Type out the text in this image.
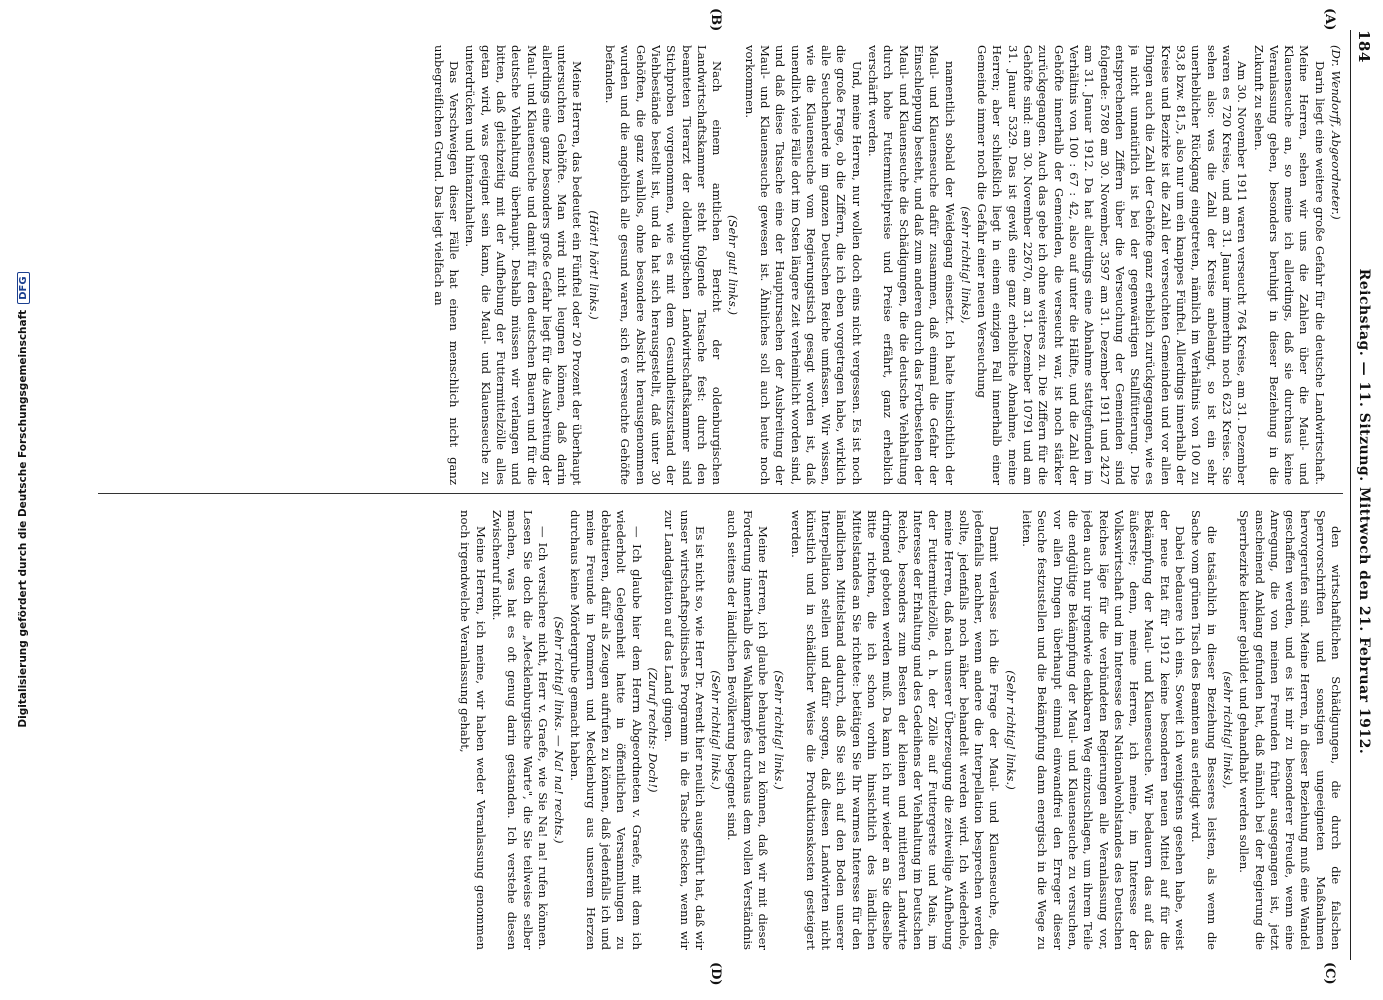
184
Reichstag. — 11. Sitzung. Mittwoch den 21. Februar 1912.
(A)
(B)
(C)
(D)

(Dr. Wendorff, Abgeordneter.)

Darin liegt eine weitere große Gefahr für die deutsche Landwirtschaft. Meine Herren, sehen wir uns die Zahlen über die Maul- und Klauenseuche an, so meine ich allerdings, daß sie durchaus keine Veranlassung geben, besonders beruhigt in dieser Beziehung in die Zukunft zu sehen.

Am 30. November 1911 waren verseucht 764 Kreise, am 31. Dezember waren es 720 Kreise, und am 31. Januar immerhin noch 623 Kreise. Sie sehen also: was die Zahl der Kreise anbelangt, so ist ein sehr unerheblicher Rückgang eingetreten, nämlich im Verhältnis von 100 zu 93,8 bzw. 81,5, also nur um ein knappes Fünftel. Allerdings innerhalb der Kreise und Bezirke ist die Zahl der verseuchten Gemeinden und vor allen Dingen auch die Zahl der Gehöfte ganz erheblich zurückgegangen, wie es ja nicht unnatürlich ist bei der gegenwärtigen Stallfütterung. Die entsprechenden Ziffern über die Verseuchung der Gemeinden sind folgende: 5780 am 30. November, 3597 am 31. Dezember 1911 und 2427 am 31. Januar 1912. Da hat allerdings eine Abnahme stattgefunden im Verhältnis von 100 : 67 : 42, also auf unter die Hälfte, und die Zahl der Gehöfte innerhalb der Gemeinden, die verseucht war, ist noch stärker zurückgegangen. Auch das gebe ich ohne weiteres zu. Die Ziffern für die Gehöfte sind: am 30. November 22670, am 31. Dezember 10791 und am 31. Januar 5329. Das ist gewiß eine ganz erhebliche Abnahme, meine Herren; aber schließlich liegt in einem einzigen Fall innerhalb einer Gemeinde immer noch die Gefahr einer neuen Verseuchung

(sehr richtig! links),

namentlich sobald der Weidegang einsetzt. Ich halte hinsichtlich der Maul- und Klauenseuche dafür zusammen, daß einmal die Gefahr der Einschleppung besteht, und daß zum anderen durch das Fortbestehen der Maul- und Klauenseuche die Schädigungen, die die deutsche Viehhaltung durch hohe Futtermittelpreise und Preise erfährt, ganz erheblich verschärft werden.

Und, meine Herren, nur wollen doch eins nicht vergessen. Es ist noch die große Frage, ob die Ziffern, die ich eben vorgetragen habe, wirklich alle Seuchenherde im ganzen Deutschen Reiche umfassen. Wir wissen, wie die Klauenseuche vom Regierungstisch gesagt worden ist, daß unendlich viele Fälle dort im Osten längere Zeit verheimlicht worden sind, und daß diese Tatsache eine der Hauptursachen der Ausbreitung der Maul- und Klauenseuche gewesen ist. Ähnliches soll auch heute noch vorkommen.

(Sehr gut! links.)

Nach einem amtlichen Bericht der oldenburgischen Landwirtschaftskammer steht folgende Tatsache fest: durch den beamteten Tierarzt der oldenburgischen Landwirtschaftskammer sind Stichproben vorgenommen, wie es mit dem Gesundheitszustand der Viehbestände bestellt ist, und da hat sich herausgestellt, daß unter 30 Gehöften, die ganz wahllos, ohne besondere Absicht herausgenommen wurden und die angeblich alle gesund waren, sich 6 verseuchte Gehöfte befanden.

(Hört! hört! links.)

Meine Herren, das bedeutet ein Fünftel oder 20 Prozent der überhaupt untersuchten Gehöfte. Man wird nicht leugnen können, daß darin allerdings eine ganz besonders große Gefahr liegt für die Ausbreitung der Maul- und Klauenseuche und damit für den deutschen Bauern und für die deutsche Viehhaltung überhaupt. Deshalb müssen wir verlangen und bitten, daß gleichzeitig mit der Aufhebung der Futtermittelzölle alles getan wird, was geeignet sein kann, die Maul- und Klauenseuche zu unterdrücken und hintanzuhalten.

Das Verschweigen dieser Fälle hat einen menschlich nicht ganz unbegreiflichen Grund. Das liegt vielfach an

den wirtschaftlichen Schädigungen, die durch die falschen Sperrvorschriften und sonstigen ungeeigneten Maßnahmen hervorgerufen sind. Meine Herren, in dieser Beziehung muß eine Wandel geschaffen werden, und es ist mir zu besonderer Freude, wenn eine Anregung, die von meinen Freunden früher ausgegangen ist, jetzt anscheinend Anklang gefunden hat, daß nämlich bei der Regierung die Sperrbezirke kleiner gebildet und gehandhabt werden sollen.

(sehr richtig! links),

die tatsächlich in dieser Beziehung Besseres leisten, als wenn die Sache vom grünen Tisch des Beamten aus erledigt wird.

Dabei bedauere ich eins. Soweit ich wenigstens gesehen habe, weist der neue Etat für 1912 keine besonderen neuen Mittel auf für die Bekämpfung der Maul- und Klauenseuche. Wir bedauern das auf das äußerste; denn, meine Herren, ich meine, im Interesse der Volkswirtschaft und im Interesse des Nationalwohlstandes des Deutschen Reiches läge für die verbündeten Regierungen alle Veranlassung vor, jeden auch nur irgendwie denkbaren Weg einzuschlagen, um ihrem Teile die endgültige Bekämpfung der Maul- und Klauenseuche zu versuchen, vor allen Dingen überhaupt einmal einwandfrei den Erreger dieser Seuche festzustellen und die Bekämpfung dann energisch in die Wege zu leiten.

(Sehr richtig! links.)

Damit verlasse ich die Frage der Maul- und Klauenseuche, die, jedenfalls nachher, wenn andere die Interpellation besprechen werden sollte, jedenfalls noch näher behandelt werden wird. Ich wiederhole, meine Herren, daß nach unserer Überzeugung die zeitweilige Aufhebung der Futtermittelzölle, d. h. der Zölle auf Futtergerste und Mais, im Interesse der Erhaltung und des Gedeihens der Viehhaltung im Deutschen Reiche, besonders zum Besten der kleinen und mittleren Landwirte dringend geboten werden muß. Da kann ich nur wieder an Sie dieselbe Bitte richten, die ich schon vorhin hinsichtlich des ländlichen Mittelstandes an Sie richtete: betätigen Sie Ihr warmes Interesse für den ländlichen Mittelstand dadurch, daß Sie sich auf den Boden unserer Interpellation stellen und dafür sorgen, daß diesen Landwirten nicht künstlich und in schädlicher Weise die Produktionskosten gesteigert werden.

(Sehr richtig! links.)

Meine Herren, ich glaube behaupten zu können, daß wir mit dieser Forderung innerhalb des Wahlkampfes durchaus dem vollen Verständnis auch seitens der ländlichen Bevölkerung begegnet sind.

(Sehr richtig! links.)

Es ist nicht so, wie Herr Dr. Arendt hier neulich ausgeführt hat, daß wir unser wirtschaftspolitisches Programm in die Tasche stecken, wenn wir zur Landagitation auf das Land gingen.

(Zuruf rechts: Doch!)

— Ich glaube hier dem Herrn Abgeordneten v. Graefe, mit dem ich wiederholt Gelegenheit hatte in öffentlichen Versammlungen zu debattieren, dafür als Zeugen aufrufen zu können, daß jedenfalls ich und meine Freunde in Pommern und Mecklenburg aus unserem Herzen durchaus keine Mördergrube gemacht haben.

(Sehr richtig! links. — Na! na! rechts.)

— Ich versichere nicht, Herr v. Graefe, wie Sie Na! na! rufen können. Lesen Sie doch die „Mecklenburgische Warte", die Sie teilweise selber machen, was hat es oft genug darin gestanden. Ich verstehe diesen Zwischenruf nicht.

Meine Herren, ich meine, wir haben weder Veranlassung genommen noch irgendwelche Veranlassung gehabt,

Digitalisierung gefördert durch die Deutsche Forschungsgemeinschaft
DFG
